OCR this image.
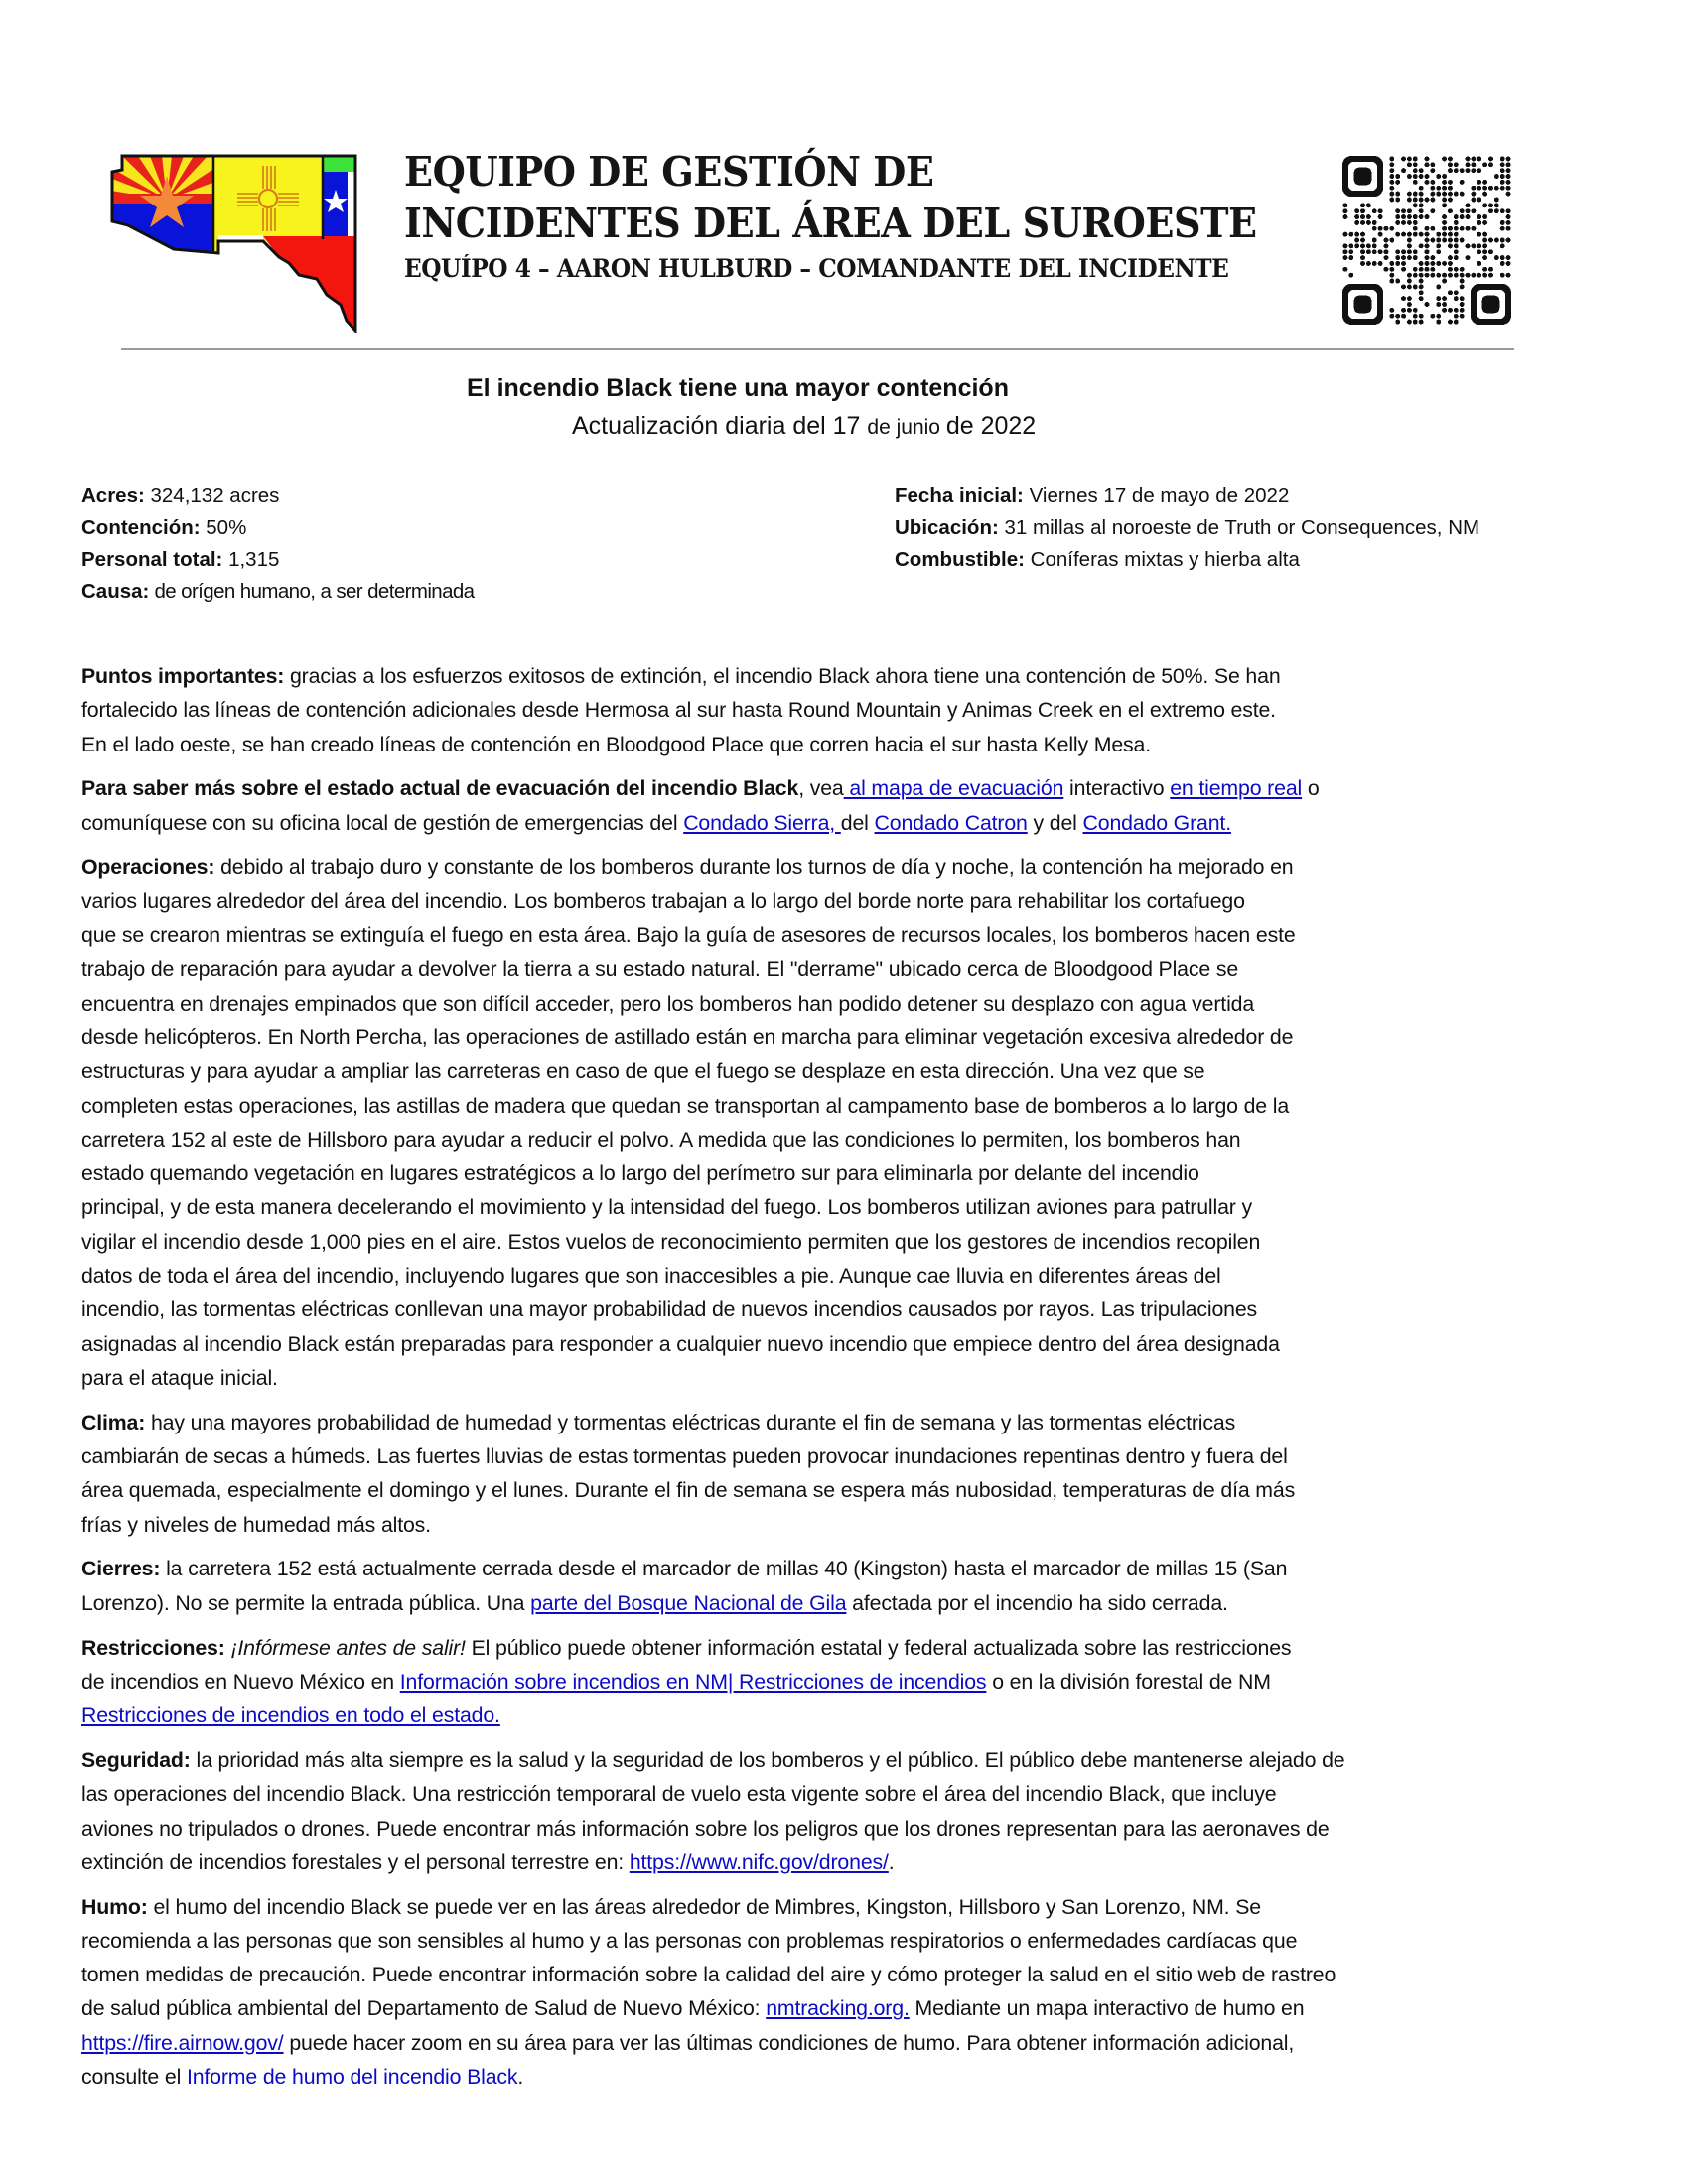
EQUIPO DE GESTIÓN DE
INCIDENTES DEL ÁREA DEL SUROESTE
EQUÍPO 4 – AARON HULBURD – COMANDANTE DEL INCIDENTE
El incendio Black tiene una mayor contención
Actualización diaria del 17 de junio de 2022
Acres: 324,132 acres
Contención: 50%
Personal total: 1,315
Causa: de orígen humano, a ser determinada
Fecha inicial: Viernes 17 de mayo de 2022
Ubicación: 31 millas al noroeste de Truth or Consequences, NM
Combustible: Coníferas mixtas y hierba alta
Puntos importantes: gracias a los esfuerzos exitosos de extinción, el incendio Black ahora tiene una contención de 50%. Se han
fortalecido las líneas de contención adicionales desde Hermosa al sur hasta Round Mountain y Animas Creek en el extremo este.
En el lado oeste, se han creado líneas de contención en Bloodgood Place que corren hacia el sur hasta Kelly Mesa.
Para saber más sobre el estado actual de evacuación del incendio Black, vea al mapa de evacuación interactivo en tiempo real o
comuníquese con su oficina local de gestión de emergencias del Condado Sierra, del Condado Catron y del Condado Grant.
Operaciones: debido al trabajo duro y constante de los bomberos durante los turnos de día y noche, la contención ha mejorado en
varios lugares alrededor del área del incendio. Los bomberos trabajan a lo largo del borde norte para rehabilitar los cortafuego
que se crearon mientras se extinguía el fuego en esta área. Bajo la guía de asesores de recursos locales, los bomberos hacen este
trabajo de reparación para ayudar a devolver la tierra a su estado natural. El "derrame" ubicado cerca de Bloodgood Place se
encuentra en drenajes empinados que son difícil acceder, pero los bomberos han podido detener su desplazo con agua vertida
desde helicópteros. En North Percha, las operaciones de astillado están en marcha para eliminar vegetación excesiva alrededor de
estructuras y para ayudar a ampliar las carreteras en caso de que el fuego se desplaze en esta dirección. Una vez que se
completen estas operaciones, las astillas de madera que quedan se transportan al campamento base de bomberos a lo largo de la
carretera 152 al este de Hillsboro para ayudar a reducir el polvo. A medida que las condiciones lo permiten, los bomberos han
estado quemando vegetación en lugares estratégicos a lo largo del perímetro sur para eliminarla por delante del incendio
principal, y de esta manera decelerando el movimiento y la intensidad del fuego. Los bomberos utilizan aviones para patrullar y
vigilar el incendio desde 1,000 pies en el aire. Estos vuelos de reconocimiento permiten que los gestores de incendios recopilen
datos de toda el área del incendio, incluyendo lugares que son inaccesibles a pie. Aunque cae lluvia en diferentes áreas del
incendio, las tormentas eléctricas conllevan una mayor probabilidad de nuevos incendios causados por rayos. Las tripulaciones
asignadas al incendio Black están preparadas para responder a cualquier nuevo incendio que empiece dentro del área designada
para el ataque inicial.
Clima: hay una mayores probabilidad de humedad y tormentas eléctricas durante el fin de semana y las tormentas eléctricas
cambiarán de secas a húmeds. Las fuertes lluvias de estas tormentas pueden provocar inundaciones repentinas dentro y fuera del
área quemada, especialmente el domingo y el lunes. Durante el fin de semana se espera más nubosidad, temperaturas de día más
frías y niveles de humedad más altos.
Cierres: la carretera 152 está actualmente cerrada desde el marcador de millas 40 (Kingston) hasta el marcador de millas 15 (San
Lorenzo). No se permite la entrada pública. Una parte del Bosque Nacional de Gila afectada por el incendio ha sido cerrada.
Restricciones: ¡Infórmese antes de salir! El público puede obtener información estatal y federal actualizada sobre las restricciones
de incendios en Nuevo México en Información sobre incendios en NM| Restricciones de incendios o en la división forestal de NM
Restricciones de incendios en todo el estado.
Seguridad: la prioridad más alta siempre es la salud y la seguridad de los bomberos y el público. El público debe mantenerse alejado de
las operaciones del incendio Black. Una restricción temporaral de vuelo esta vigente sobre el área del incendio Black, que incluye
aviones no tripulados o drones. Puede encontrar más información sobre los peligros que los drones representan para las aeronaves de
extinción de incendios forestales y el personal terrestre en: https://www.nifc.gov/drones/.
Humo: el humo del incendio Black se puede ver en las áreas alrededor de Mimbres, Kingston, Hillsboro y San Lorenzo, NM. Se
recomienda a las personas que son sensibles al humo y a las personas con problemas respiratorios o enfermedades cardíacas que
tomen medidas de precaución. Puede encontrar información sobre la calidad del aire y cómo proteger la salud en el sitio web de rastreo
de salud pública ambiental del Departamento de Salud de Nuevo México: nmtracking.org. Mediante un mapa interactivo de humo en
https://fire.airnow.gov/ puede hacer zoom en su área para ver las últimas condiciones de humo. Para obtener información adicional,
consulte el Informe de humo del incendio Black.
